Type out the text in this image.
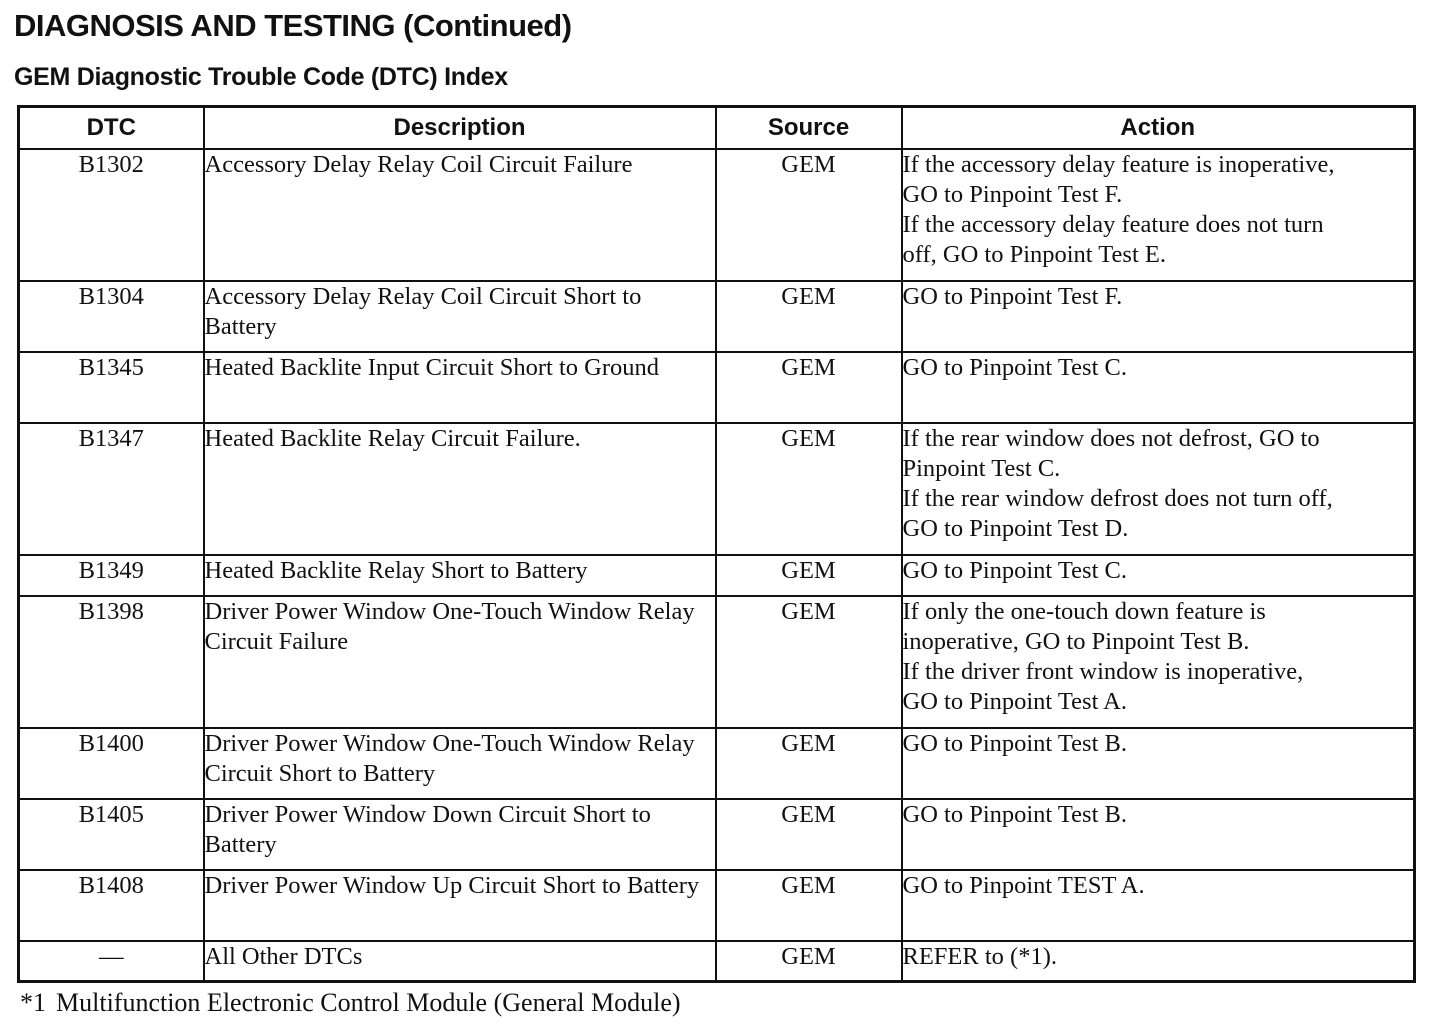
DIAGNOSIS AND TESTING (Continued)
GEM Diagnostic Trouble Code (DTC) Index
DTC	Description	Source	Action
B1302	Accessory Delay Relay Coil Circuit Failure	GEM	If the accessory delay feature is inoperative,
GO to Pinpoint Test F.
If the accessory delay feature does not turn
off, GO to Pinpoint Test E.

B1304	Accessory Delay Relay Coil Circuit Short to Battery	GEM	GO to Pinpoint Test F.

B1345	Heated Backlite Input Circuit Short to Ground	GEM	GO to Pinpoint Test C.

B1347	Heated Backlite Relay Circuit Failure.	GEM	If the rear window does not defrost, GO to
Pinpoint Test C.
If the rear window defrost does not turn off,
GO to Pinpoint Test D.

B1349	Heated Backlite Relay Short to Battery	GEM	GO to Pinpoint Test C.

B1398	Driver Power Window One-Touch Window Relay Circuit Failure	GEM	If only the one-touch down feature is
inoperative, GO to Pinpoint Test B.
If the driver front window is inoperative,
GO to Pinpoint Test A.

B1400	Driver Power Window One-Touch Window Relay Circuit Short to Battery	GEM	GO to Pinpoint Test B.

B1405	Driver Power Window Down Circuit Short to Battery	GEM	GO to Pinpoint Test B.

B1408	Driver Power Window Up Circuit Short to Battery	GEM	GO to Pinpoint TEST A.

—	All Other DTCs	GEM	REFER to (*1).

*1 Multifunction Electronic Control Module (General Module)
